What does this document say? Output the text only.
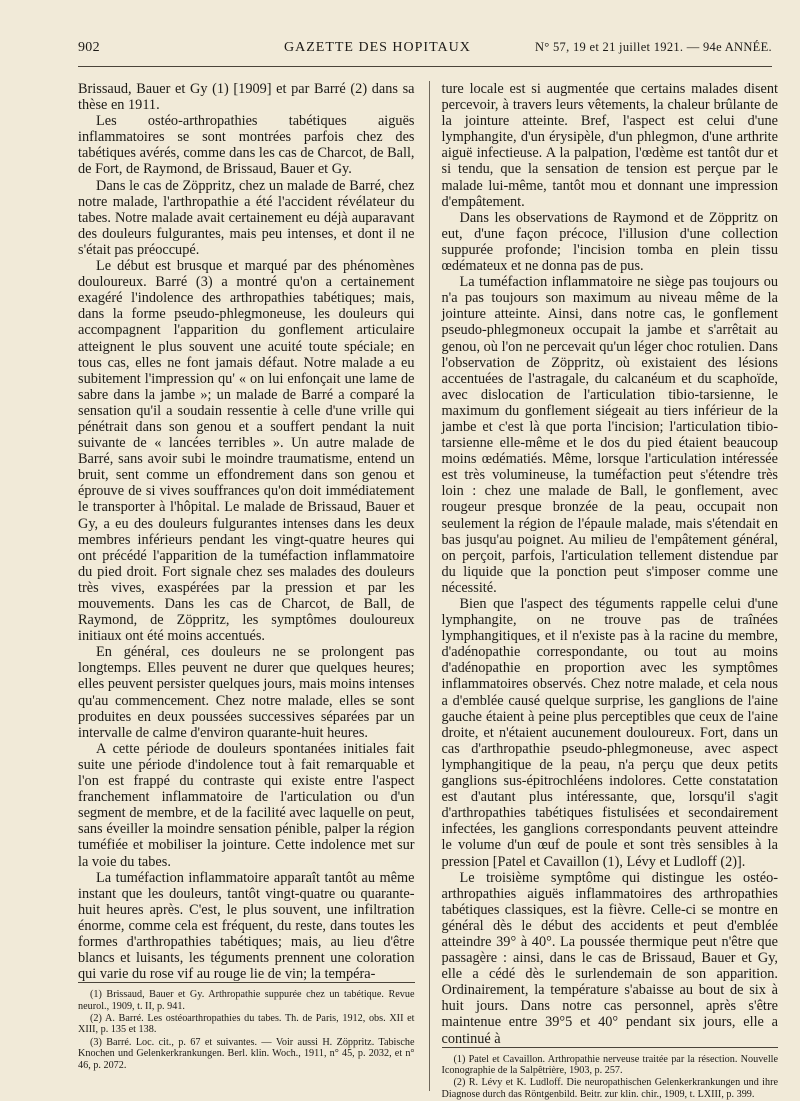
902	GAZETTE DES HOPITAUX	N° 57, 19 et 21 juillet 1921. — 94e ANNÉE.

Brissaud, Bauer et Gy (1) [1909] et par Barré (2) dans sa thèse en 1911.

Les ostéo-arthropathies tabétiques aiguës inflammatoires se sont montrées parfois chez des tabétiques avérés, comme dans les cas de Charcot, de Ball, de Fort, de Raymond, de Brissaud, Bauer et Gy.

Dans le cas de Zöppritz, chez un malade de Barré, chez notre malade, l'arthropathie a été l'accident révélateur du tabes. Notre malade avait certainement eu déjà auparavant des douleurs fulgurantes, mais peu intenses, et dont il ne s'était pas préoccupé.

Le début est brusque et marqué par des phénomènes douloureux. Barré (3) a montré qu'on a certainement exagéré l'indolence des arthropathies tabétiques; mais, dans la forme pseudo-phlegmoneuse, les douleurs qui accompagnent l'apparition du gonflement articulaire atteignent le plus souvent une acuité toute spéciale; en tous cas, elles ne font jamais défaut. Notre malade a eu subitement l'impression qu' « on lui enfonçait une lame de sabre dans la jambe »; un malade de Barré a comparé la sensation qu'il a soudain ressentie à celle d'une vrille qui pénétrait dans son genou et a souffert pendant la nuit suivante de « lancées terribles ». Un autre malade de Barré, sans avoir subi le moindre traumatisme, entend un bruit, sent comme un effondrement dans son genou et éprouve de si vives souffrances qu'on doit immédiatement le transporter à l'hôpital. Le malade de Brissaud, Bauer et Gy, a eu des douleurs fulgurantes intenses dans les deux membres inférieurs pendant les vingt-quatre heures qui ont précédé l'apparition de la tuméfaction inflammatoire du pied droit. Fort signale chez ses malades des douleurs très vives, exaspérées par la pression et par les mouvements. Dans les cas de Charcot, de Ball, de Raymond, de Zöppritz, les symptômes douloureux initiaux ont été moins accentués.

En général, ces douleurs ne se prolongent pas longtemps. Elles peuvent ne durer que quelques heures; elles peuvent persister quelques jours, mais moins intenses qu'au commencement. Chez notre malade, elles se sont produites en deux poussées successives séparées par un intervalle de calme d'environ quarante-huit heures.

A cette période de douleurs spontanées initiales fait suite une période d'indolence tout à fait remarquable et l'on est frappé du contraste qui existe entre l'aspect franchement inflammatoire de l'articulation ou d'un segment de membre, et de la facilité avec laquelle on peut, sans éveiller la moindre sensation pénible, palper la région tuméfiée et mobiliser la jointure. Cette indolence met sur la voie du tabes.

La tuméfaction inflammatoire apparaît tantôt au même instant que les douleurs, tantôt vingt-quatre ou quarante-huit heures après. C'est, le plus souvent, une infiltration énorme, comme cela est fréquent, du reste, dans toutes les formes d'arthropathies tabétiques; mais, au lieu d'être blancs et luisants, les téguments prennent une coloration qui varie du rose vif au rouge lie de vin; la tempéra-

(1) Brissaud, Bauer et Gy. Arthropathie suppurée chez un tabétique. Revue neurol., 1909, t. II, p. 941.

(2) A. Barré. Les ostéoarthropathies du tabes. Th. de Paris, 1912, obs. XII et XIII, p. 135 et 138.

(3) Barré. Loc. cit., p. 67 et suivantes. — Voir aussi H. Zöppritz. Tabische Knochen und Gelenkerkrankungen. Berl. klin. Woch., 1911, n° 45, p. 2032, et n° 46, p. 2072.

ture locale est si augmentée que certains malades disent percevoir, à travers leurs vêtements, la chaleur brûlante de la jointure atteinte. Bref, l'aspect est celui d'une lymphangite, d'un érysipèle, d'un phlegmon, d'une arthrite aiguë infectieuse. A la palpation, l'œdème est tantôt dur et si tendu, que la sensation de tension est perçue par le malade lui-même, tantôt mou et donnant une impression d'empâtement.

Dans les observations de Raymond et de Zöppritz on eut, d'une façon précoce, l'illusion d'une collection suppurée profonde; l'incision tomba en plein tissu œdémateux et ne donna pas de pus.

La tuméfaction inflammatoire ne siège pas toujours ou n'a pas toujours son maximum au niveau même de la jointure atteinte. Ainsi, dans notre cas, le gonflement pseudo-phlegmoneux occupait la jambe et s'arrêtait au genou, où l'on ne percevait qu'un léger choc rotulien. Dans l'observation de Zöppritz, où existaient des lésions accentuées de l'astragale, du calcanéum et du scaphoïde, avec dislocation de l'articulation tibio-tarsienne, le maximum du gonflement siégeait au tiers inférieur de la jambe et c'est là que porta l'incision; l'articulation tibio-tarsienne elle-même et le dos du pied étaient beaucoup moins œdématiés. Même, lorsque l'articulation intéressée est très volumineuse, la tuméfaction peut s'étendre très loin : chez une malade de Ball, le gonflement, avec rougeur presque bronzée de la peau, occupait non seulement la région de l'épaule malade, mais s'étendait en bas jusqu'au poignet. Au milieu de l'empâtement général, on perçoit, parfois, l'articulation tellement distendue par du liquide que la ponction peut s'imposer comme une nécessité.

Bien que l'aspect des téguments rappelle celui d'une lymphangite, on ne trouve pas de traînées lymphangitiques, et il n'existe pas à la racine du membre, d'adénopathie correspondante, ou tout au moins d'adénopathie en proportion avec les symptômes inflammatoires observés. Chez notre malade, et cela nous a d'emblée causé quelque surprise, les ganglions de l'aine gauche étaient à peine plus perceptibles que ceux de l'aine droite, et n'étaient aucunement douloureux. Fort, dans un cas d'arthropathie pseudo-phlegmoneuse, avec aspect lymphangitique de la peau, n'a perçu que deux petits ganglions sus-épitrochléens indolores. Cette constatation est d'autant plus intéressante, que, lorsqu'il s'agit d'arthropathies tabétiques fistulisées et secondairement infectées, les ganglions correspondants peuvent atteindre le volume d'un œuf de poule et sont très sensibles à la pression [Patel et Cavaillon (1), Lévy et Ludloff (2)].

Le troisième symptôme qui distingue les ostéo-arthropathies aiguës inflammatoires des arthropathies tabétiques classiques, est la fièvre. Celle-ci se montre en général dès le début des accidents et peut d'emblée atteindre 39° à 40°. La poussée thermique peut n'être que passagère : ainsi, dans le cas de Brissaud, Bauer et Gy, elle a cédé dès le surlendemain de son apparition. Ordinairement, la température s'abaisse au bout de six à huit jours. Dans notre cas personnel, après s'être maintenue entre 39°5 et 40° pendant six jours, elle a continué à

(1) Patel et Cavaillon. Arthropathie nerveuse traitée par la résection. Nouvelle Iconographie de la Salpêtrière, 1903, p. 257.

(2) R. Lévy et K. Ludloff. Die neuropathischen Gelenkerkrankungen und ihre Diagnose durch das Röntgenbild. Beitr. zur klin. chir., 1909, t. LXIII, p. 399.
